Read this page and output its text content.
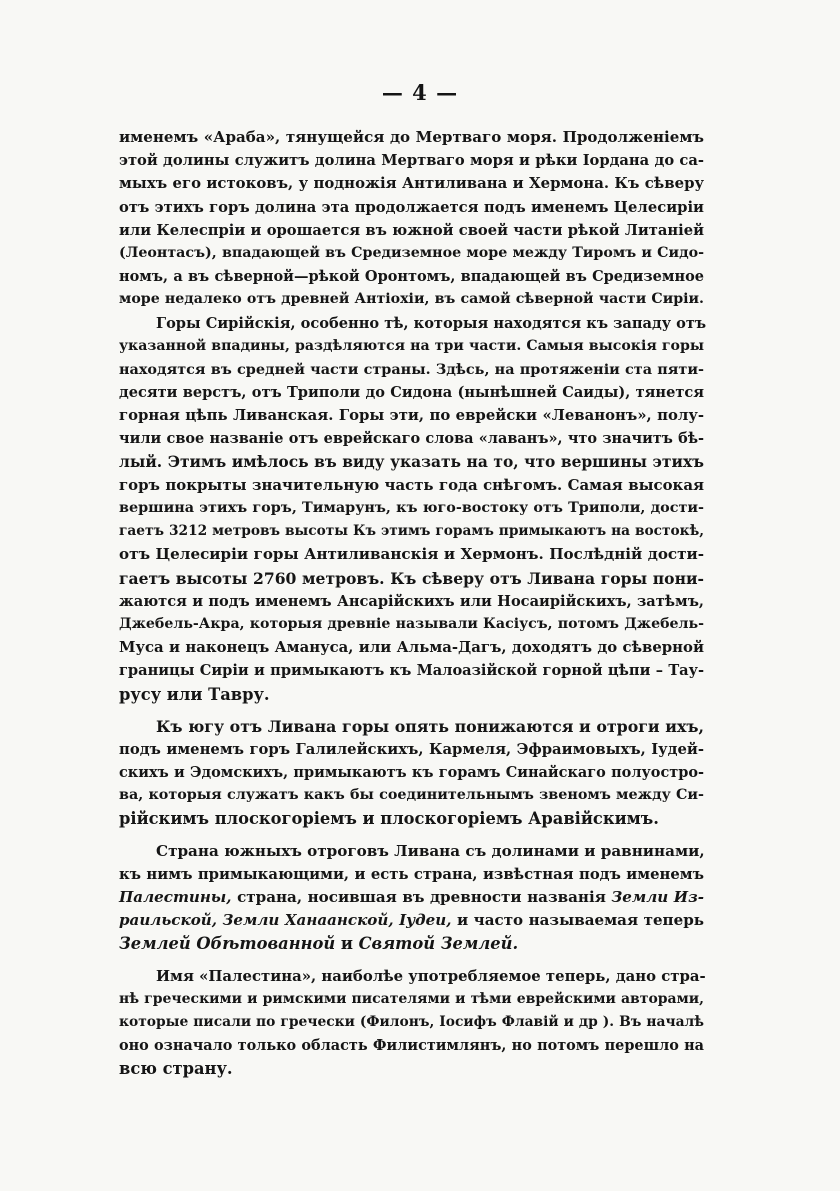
— 4 —
именемъ «Араба», тянущейся до Мертваго моря. Продолженiемъ
этой долины служитъ долина Мертваго моря и рѣки Iордана до са-
мыхъ его истоковъ, у подножiя Антиливана и Хермона. Къ сѣверу
отъ этихъ горъ долина эта продолжается подъ именемъ Целесирiи
или Келеспрiи и орошается въ южной своей части рѣкой Литанiей
(Леонтасъ), впадающей въ Средиземное море между Тиромъ и Сидо-
номъ, а въ сѣверной—рѣкой Оронтомъ, впадающей въ Средиземное
море недалеко отъ древней Антiохiи, въ самой сѣверной части Сирiи.
Горы Сирiйскiя, особенно тѣ, которыя находятся къ западу отъ
указанной впадины, раздѣляются на три части. Самыя высокiя горы
находятся въ средней части страны. Здѣсь, на протяженiи ста пяти-
десяти верстъ, отъ Триполи до Сидона (нынѣшней Саиды), тянется
горная цѣпь Ливанская. Горы эти, по еврейски «Леванонъ», полу-
чили свое названiе отъ еврейскаго слова «лаванъ», что значитъ бѣ-
лый. Этимъ имѣлось въ виду указать на то, что вершины этихъ
горъ покрыты значительную часть года снѣгомъ. Самая высокая
вершина этихъ горъ, Тимарунъ, къ юго-востоку отъ Триполи, дости-
гаетъ 3212 метровъ высоты Къ этимъ горамъ примыкаютъ на востокѣ,
отъ Целесирiи горы Антиливанскiя и Хермонъ. Послѣднiй дости-
гаетъ высоты 2760 метровъ. Къ сѣверу отъ Ливана горы пони-
жаются и подъ именемъ Ансарiйскихъ или Носаирiйскихъ, затѣмъ,
Джебель-Акра, которыя древнiе называли Касiусъ, потомъ Джебель-
Муса и наконецъ Аманусa, или Альма-Дагъ, доходятъ до сѣверной
границы Сирiи и примыкаютъ къ Малоазiйской горной цѣпи – Тау-
русу или Тавру.
Къ югу отъ Ливана горы опять понижаются и отроги ихъ,
подъ именемъ горъ Галилейскихъ, Кармеля, Эфраимовыхъ, Iудей-
скихъ и Эдомскихъ, примыкаютъ къ горамъ Синайскаго полуостро-
ва, которыя служатъ какъ бы соединительнымъ звеномъ между Си-
рiйскимъ плоскогорiемъ и плоскогорiемъ Аравiйскимъ.
Страна южныхъ отроговъ Ливана съ долинами и равнинами,
къ нимъ примыкающими, и есть страна, извѣстная подъ именемъ
Палестины, страна, носившая въ древности названiя Земли Из-
раильской, Земли Ханаанской, Iудеи, и часто называемая теперь
Землей Обѣтованной и Святой Землей.
Имя «Палестина», наиболѣе употребляемое теперь, дано стра-
нѣ греческими и римскими писателями и тѣми еврейскими авторами,
которые писали по гречески (Филонъ, Iосифъ Флавiй и др ). Въ началѣ
оно означало только область Филистимлянъ, но потомъ перешло на
всю страну.
